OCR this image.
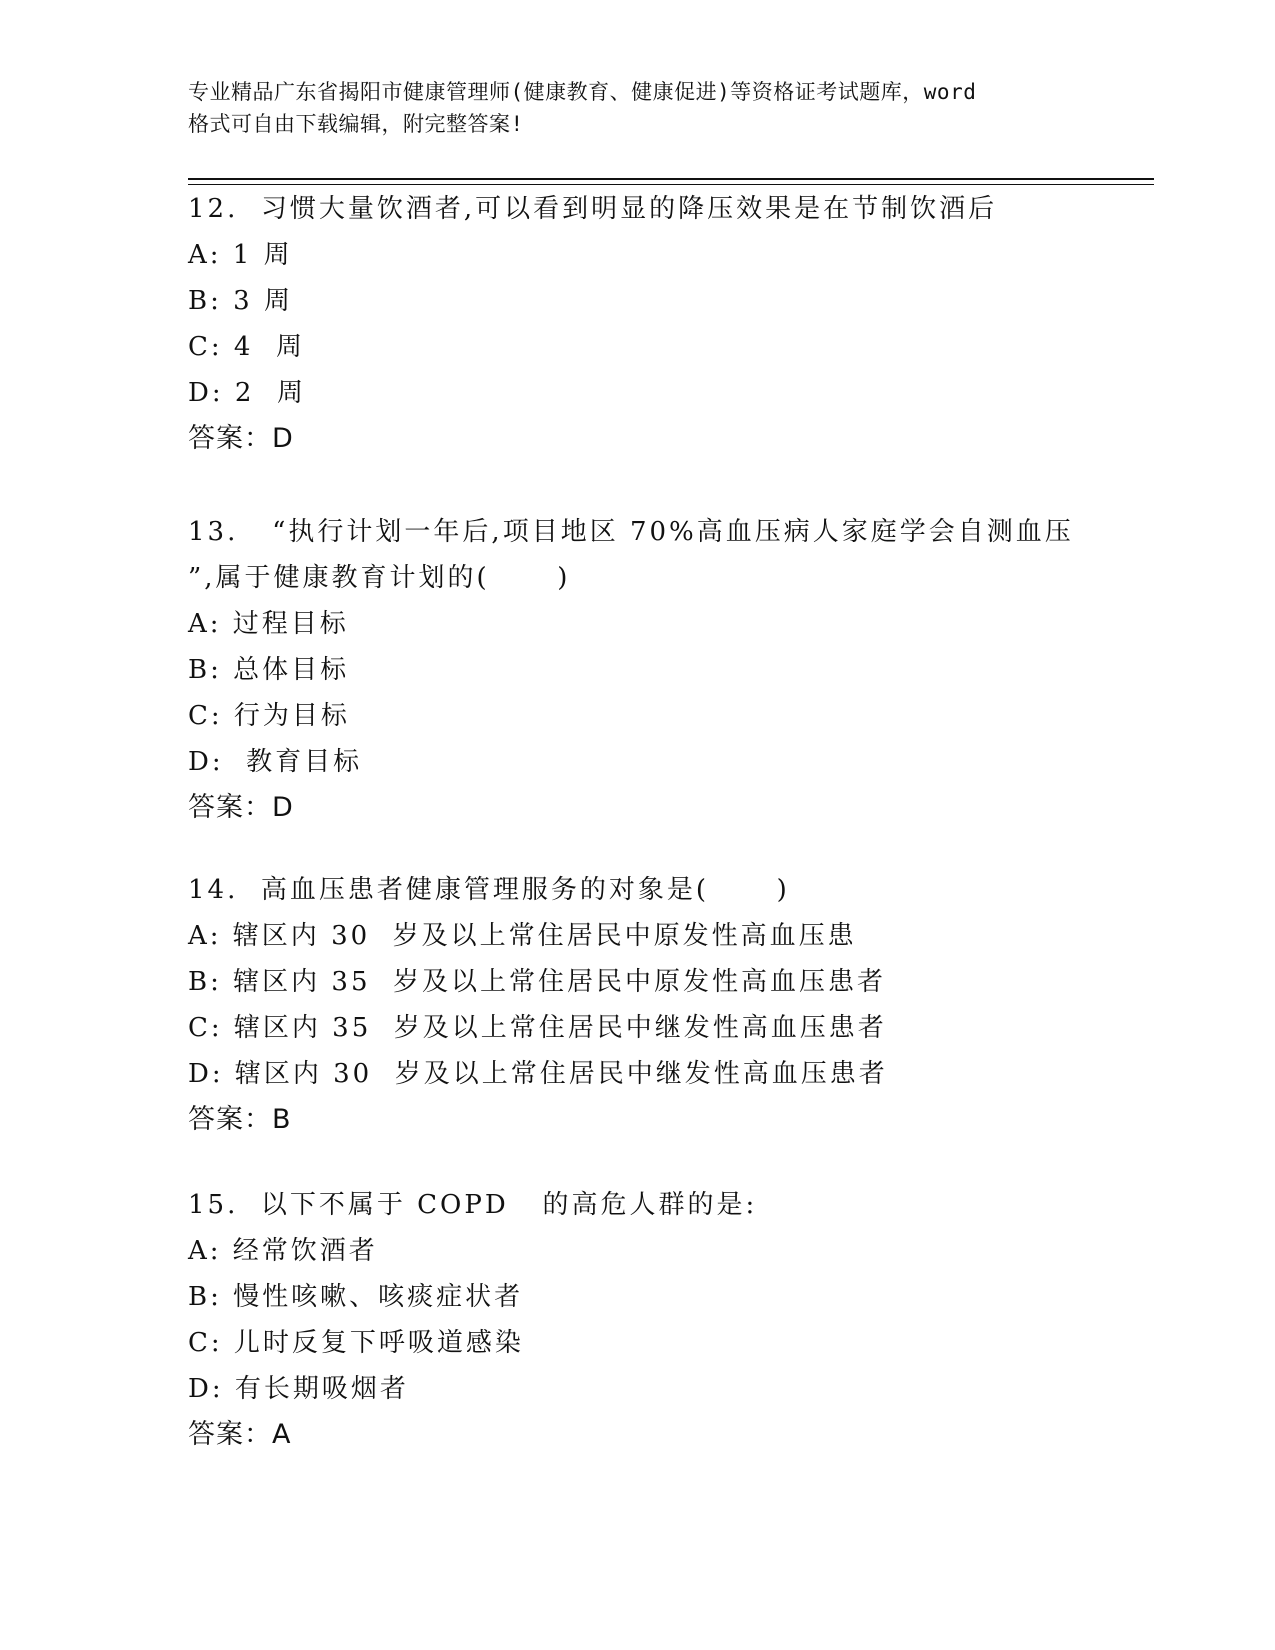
专业精品广东省揭阳市健康管理师(健康教育、健康促进)等资格证考试题库，word
格式可自由下载编辑，附完整答案!
12.  习惯大量饮酒者,可以看到明显的降压效果是在节制饮酒后
A: 1 周
B: 3 周
C: 4  周
D: 2  周
答案：D
13.   “执行计划一年后,项目地区 70%高血压病人家庭学会自测血压
”,属于健康教育计划的(      )
A: 过程目标
B: 总体目标
C: 行为目标
D:  教育目标
答案：D
14.  高血压患者健康管理服务的对象是(      )
A: 辖区内 30  岁及以上常住居民中原发性高血压患
B: 辖区内 35  岁及以上常住居民中原发性高血压患者
C: 辖区内 35  岁及以上常住居民中继发性高血压患者
D: 辖区内 30  岁及以上常住居民中继发性高血压患者
答案：B
15.  以下不属于 COPD   的高危人群的是:
A: 经常饮酒者
B: 慢性咳嗽、咳痰症状者
C: 儿时反复下呼吸道感染
D: 有长期吸烟者
答案：A
